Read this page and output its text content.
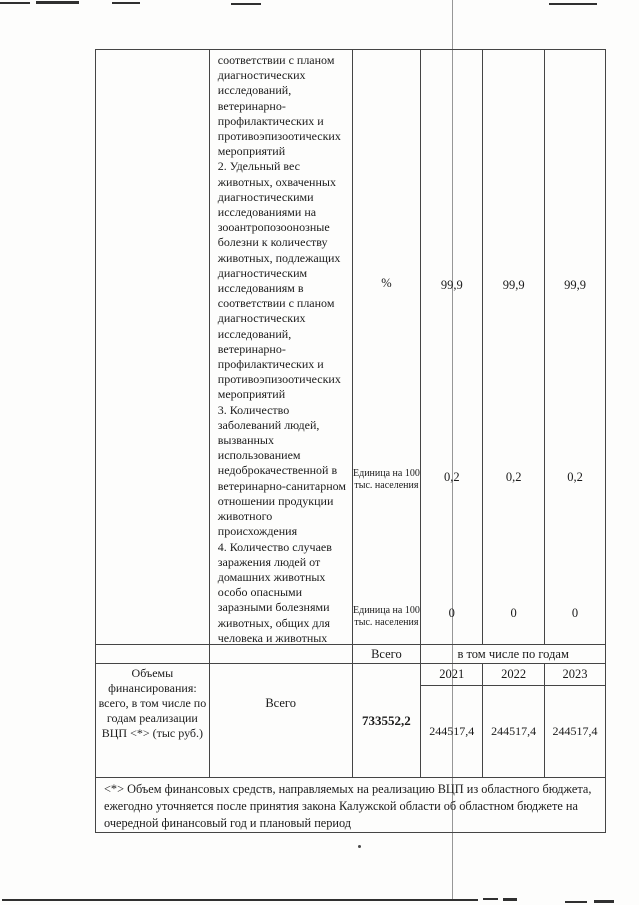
соответствии с планом диагностических исследований, ветеринарно-профилактических и противоэпизоотических мероприятий

2. Удельный вес животных, охваченных диагностическими исследованиями на зооантропозоонозные болезни к количеству животных, подлежащих диагностическим исследованиям в соответствии с планом диагностических исследований, ветеринарно-профилактических и противоэпизоотических мероприятий

3. Количество заболеваний людей, вызванных использованием недоброкачественной в ветеринарно-санитарном отношении продукции животного происхождения

4. Количество случаев заражения людей от домашних животных особо опасными заразными болезнями животных, общих для человека и животных

%
Единица на 100 тыс. населения
Единица на 100 тыс. населения
99,9
0,2
0
99,9
0,2
0
99,9
0,2
0
Всего	в том числе по годам
Объемы финансирования: всего, в том числе по годам реализации ВЦП <*> (тыс руб.)
Всего
733552,2
2021
244517,4
2022
244517,4
2023
244517,4
<*> Объем финансовых средств, направляемых на реализацию ВЦП из областного бюджета, ежегодно уточняется после принятия закона Калужской области об областном бюджете на очередной финансовый год и плановый период
